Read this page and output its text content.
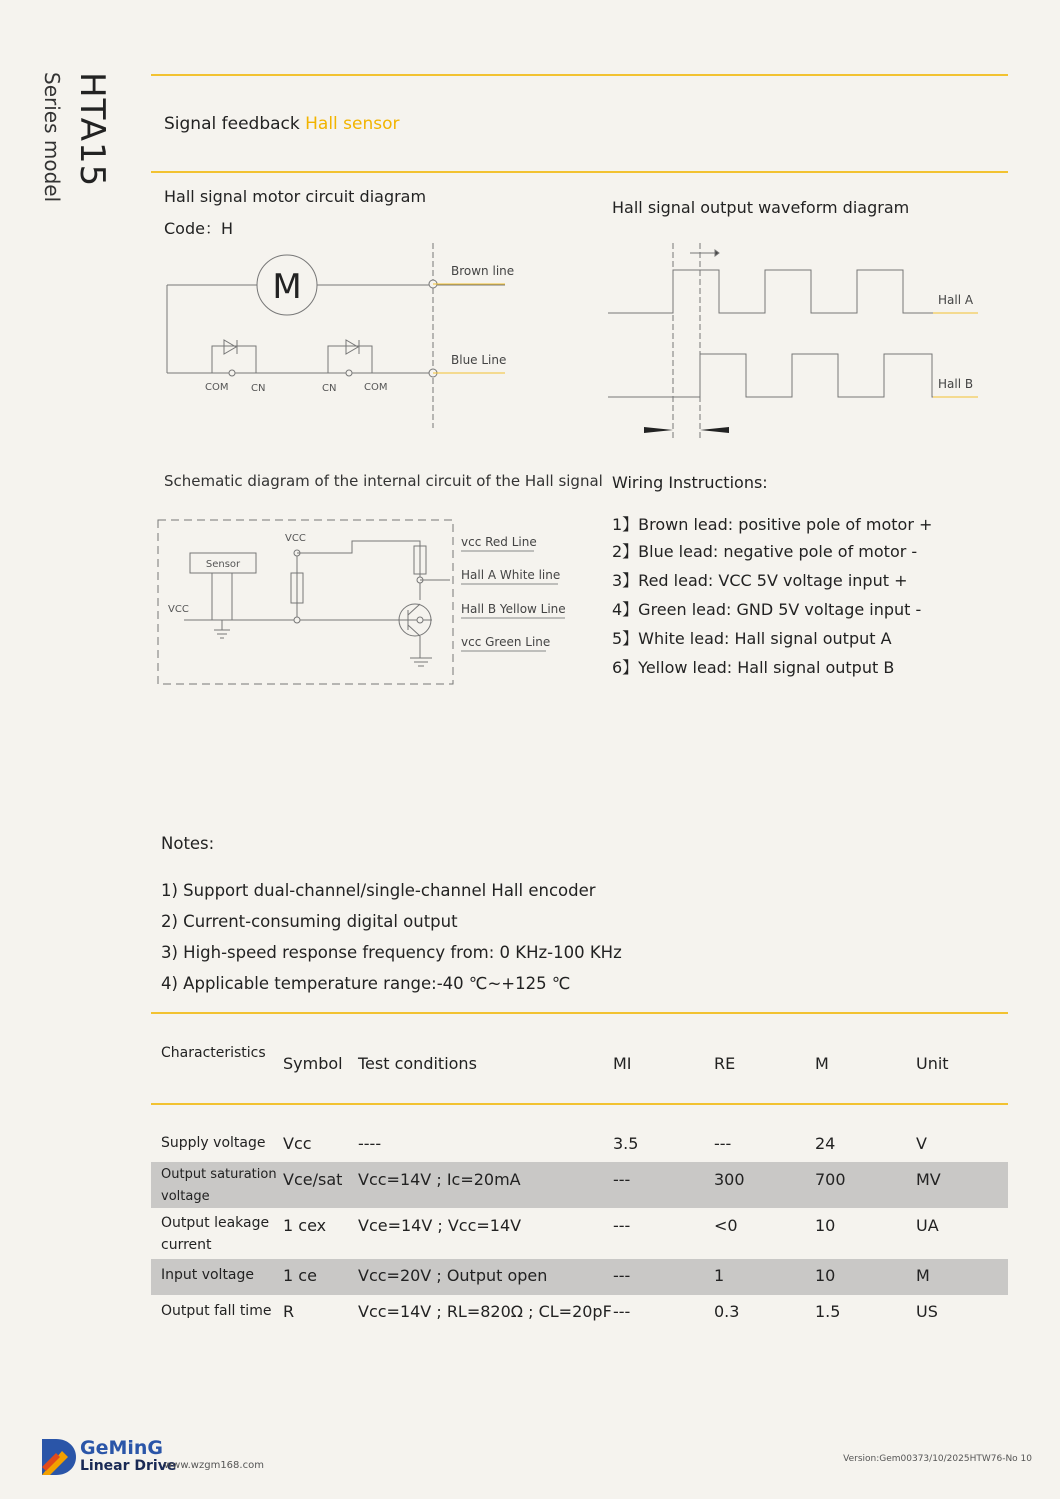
HTA15
Series model	Signal feedback Hall sensor
Hall signal motor circuit diagram
Code：H
M	Brown line
Blue Line
COM CN	CN	COM
Hall A
Hall B
VCC
VCC
Sensor
vcc Red Line
Hall A White line
Hall B Yellow Line
vcc Green Line
Hall signal output waveform diagram
Schematic diagram of the internal circuit of the Hall signal Wiring Instructions:
1】Brown lead: positive pole of motor +
2】Blue lead: negative pole of motor -
3】Red lead: VCC 5V voltage input +
4】Green lead: GND 5V voltage input -
5】White lead: Hall signal output A
6】Yellow lead: Hall signal output B
Notes:
1) Support dual-channel/single-channel Hall encoder
2) Current-consuming digital output
3) High-speed response frequency from: 0 KHz-100 KHz
4) Applicable temperature range:-40 ℃~+125 ℃
Characteristics	Symbol	Test conditions	MI	RE	M	Unit
Supply voltage	Vcc	----	3.5	---	24	V
Output saturation voltage	Vce/sat	Vcc=14V ; Ic=20mA	---	300	700	MV
Output leakage current	1 cex	Vce=14V ; Vcc=14V	---	<0	10	UA
Input voltage	1 ce	Vcc=20V ; Output open	---	1	10	M
Output fall time	R	Vcc=14V ; RL=820Ω ; CL=20pF	---	0.3	1.5	US
GeMinG
Linear Drive
www.wzgm168.com
Version:Gem00373/10/2025HTW76-No 10
